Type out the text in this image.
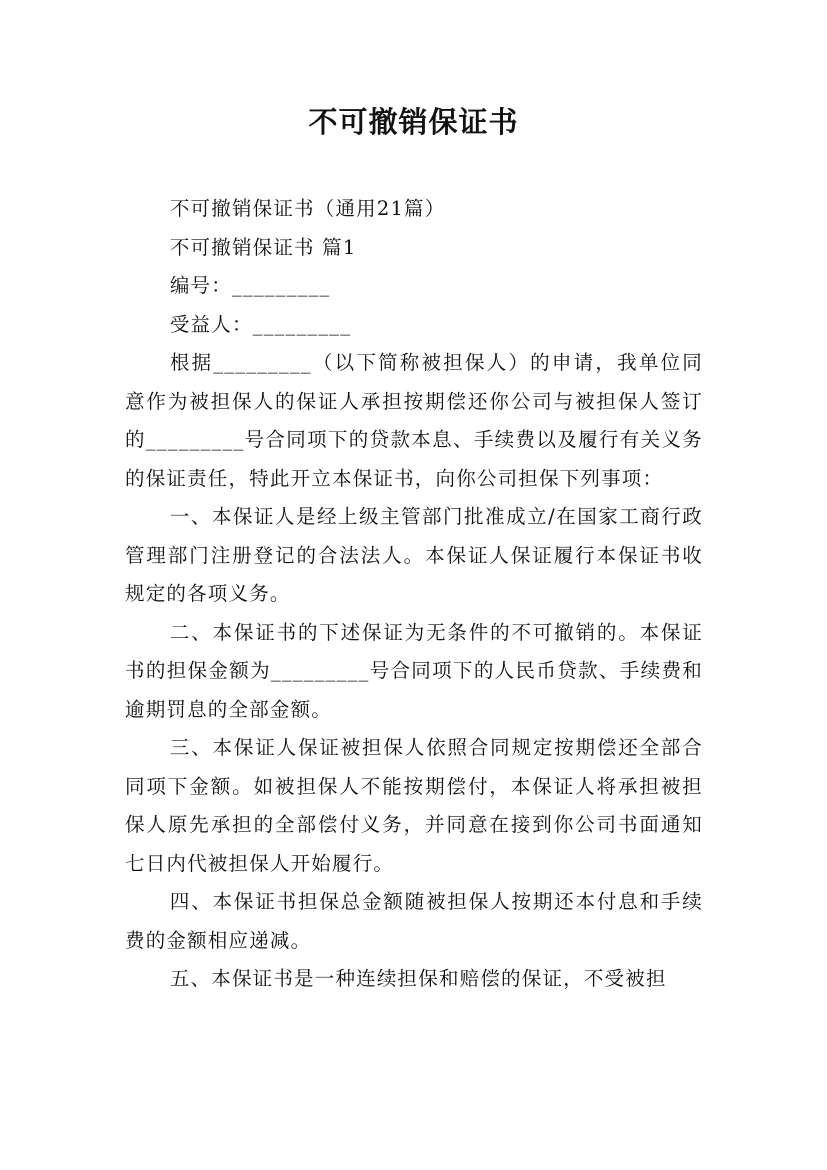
不可撤销保证书

不可撤销保证书（通用21篇）

不可撤销保证书 篇1

编号：_________

受益人：_________

根据_________（以下简称被担保人）的申请，我单位同意作为被担保人的保证人承担按期偿还你公司与被担保人签订的_________号合同项下的贷款本息、手续费以及履行有关义务的保证责任，特此开立本保证书，向你公司担保下列事项：

一、本保证人是经上级主管部门批准成立/在国家工商行政管理部门注册登记的合法法人。本保证人保证履行本保证书收规定的各项义务。

二、本保证书的下述保证为无条件的不可撤销的。本保证书的担保金额为_________号合同项下的人民币贷款、手续费和逾期罚息的全部金额。

三、本保证人保证被担保人依照合同规定按期偿还全部合同项下金额。如被担保人不能按期偿付，本保证人将承担被担保人原先承担的全部偿付义务，并同意在接到你公司书面通知七日内代被担保人开始履行。

四、本保证书担保总金额随被担保人按期还本付息和手续费的金额相应递减。

五、本保证书是一种连续担保和赔偿的保证，不受被担
